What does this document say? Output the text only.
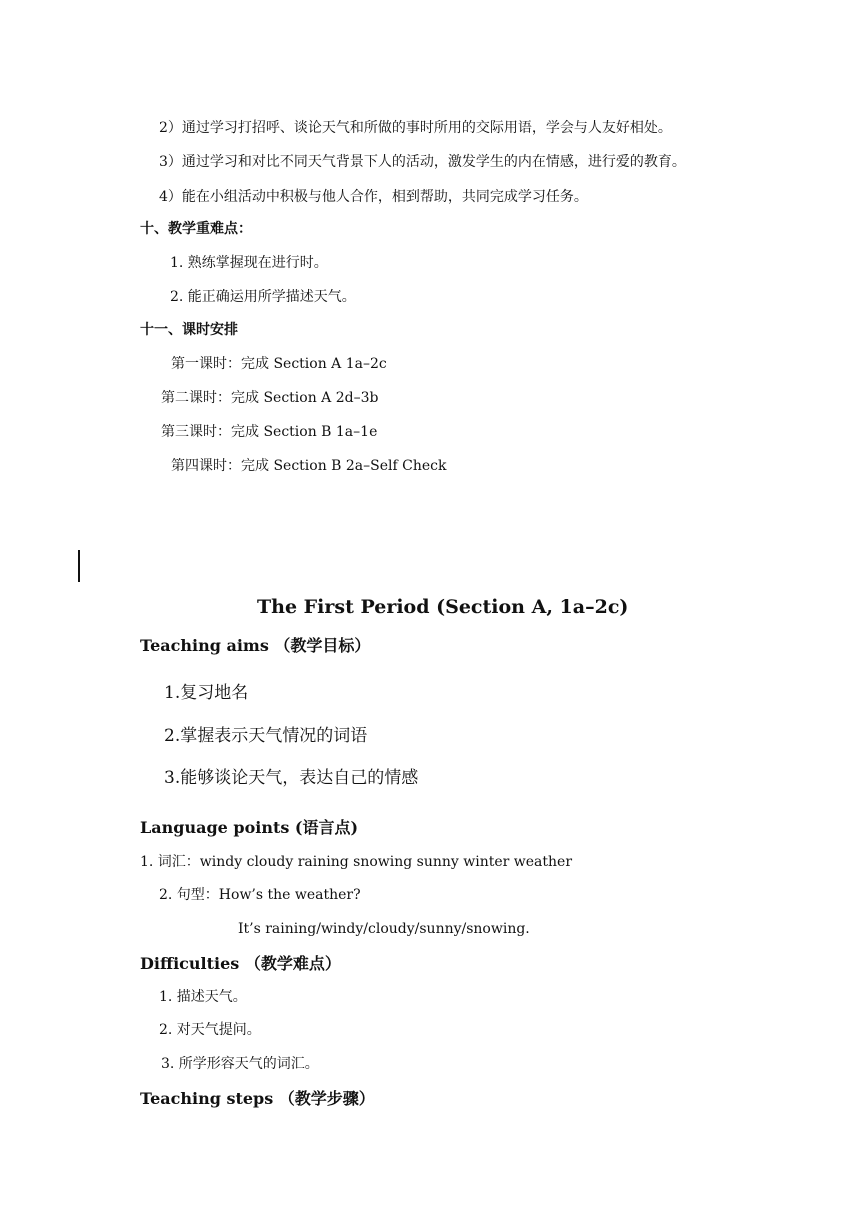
2）通过学习打招呼、谈论天气和所做的事时所用的交际用语，学会与人友好相处。
3）通过学习和对比不同天气背景下人的活动，激发学生的内在情感，进行爱的教育。
4）能在小组活动中积极与他人合作，相到帮助，共同完成学习任务。
十、教学重难点：
1. 熟练掌握现在进行时。
2. 能正确运用所学描述天气。
十一、课时安排
第一课时：完成 Section A 1a–2c
第二课时：完成 Section A 2d–3b
第三课时：完成 Section B 1a–1e
第四课时：完成 Section B 2a–Self Check
The First Period (Section A, 1a–2c)
Teaching aims （教学目标）
1.复习地名
2.掌握表示天气情况的词语
3.能够谈论天气，表达自己的情感
Language points (语言点)
1. 词汇：windy cloudy raining snowing sunny winter weather
2. 句型：How’s the weather?
It’s raining/windy/cloudy/sunny/snowing.
Difficulties （教学难点）
1. 描述天气。
2. 对天气提问。
3. 所学形容天气的词汇。
Teaching steps （教学步骤）
